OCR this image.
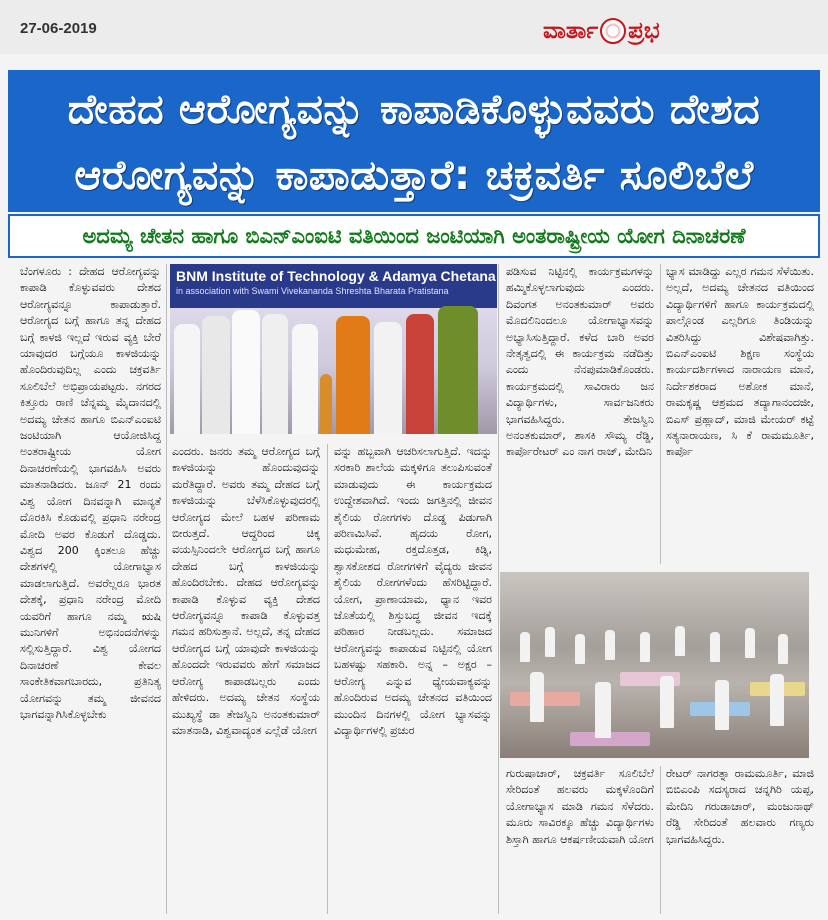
27-06-2019	ವಾರ್ತಾ ಪ್ರಭ
ದೇಹದ ಆರೋಗ್ಯವನ್ನು ಕಾಪಾಡಿಕೊಳ್ಳುವವರು ದೇಶದ
ಆರೋಗ್ಯವನ್ನು ಕಾಪಾಡುತ್ತಾರೆ: ಚಕ್ರವರ್ತಿ ಸೂಲಿಬೆಲೆ
ಅದಮ್ಯ ಚೇತನ ಹಾಗೂ ಬಿಎನ್‌ಎಂಐಟಿ ವತಿಯಿಂದ ಜಂಟಿಯಾಗಿ ಅಂತರಾಷ್ಟ್ರೀಯ ಯೋಗ ದಿನಾಚರಣೆ
ಬೆಂಗಳೂರು : ದೇಹದ ಆರೋಗ್ಯವನ್ನು ಕಾಪಾಡಿ ಕೊಳ್ಳುವವರು ದೇಶದ ಆರೋಗ್ಯವನ್ನೂ ಕಾಪಾಡುತ್ತಾರೆ. ಆರೋಗ್ಯದ ಬಗ್ಗೆ ಹಾಗೂ ತನ್ನ ದೇಹದ ಬಗ್ಗೆ ಕಾಳಜಿ ಇಲ್ಲದೆ ಇರುವ ವ್ಯಕ್ತಿ ಬೇರೆ ಯಾವುದರ ಬಗ್ಗೆಯೂ ಕಾಳಜಿಯನ್ನು ಹೊಂದಿರುವುದಿಲ್ಲ ಎಂದು ಚಕ್ರವರ್ತಿ ಸೂಲಿಬೆಲೆ ಅಭಿಪ್ರಾಯಪಟ್ಟರು. ನಗರದ ಕಿತ್ತೂರು ರಾಣಿ ಚೆನ್ನಮ್ಮ ಮೈದಾನದಲ್ಲಿ ಅದಮ್ಯ ಚೇತನ ಹಾಗೂ ಬಿಎನ್‌ಎಂಐಟಿ ಜಂಟಿಯಾಗಿ ಆಯೋಜಿಸಿದ್ದ ಅಂತರಾಷ್ಟ್ರೀಯ ಯೋಗ ದಿನಾಚರಣೆಯಲ್ಲಿ ಭಾಗವಹಿಸಿ ಅವರು ಮಾತನಾಡಿದರು. ಜೂನ್ 21 ರಂದು ವಿಶ್ವ ಯೋಗ ದಿನವನ್ನಾಗಿ ಮಾನ್ಯತೆ ದೊರಕಿಸಿ ಕೊಡುವಲ್ಲಿ ಪ್ರಧಾನಿ ನರೇಂದ್ರ ಮೋದಿ ಅವರ ಕೊಡುಗೆ ದೊಡ್ಡದು. ವಿಶ್ವದ 200 ಕ್ಕಿಂತಲೂ ಹೆಚ್ಚು ದೇಶಗಳಲ್ಲಿ ಯೋಗಾಭ್ಯಾಸ ಮಾಡಲಾಗುತ್ತಿದೆ. ಅವರೆಲ್ಲರೂ ಭಾರತ ದೇಶಕ್ಕೆ, ಪ್ರಧಾನಿ ನರೇಂದ್ರ ಮೋದಿ ಯವರಿಗೆ ಹಾಗೂ ನಮ್ಮ ಋಷಿ ಮುನಿಗಳಿಗೆ ಅಭಿನಂದನೆಗಳನ್ನು ಸಲ್ಲಿಸುತ್ತಿದ್ದಾರೆ. ವಿಶ್ವ ಯೋಗದ ದಿನಾಚರಣೆ ಕೇವಲ ಸಾಂಕೇತಿಕವಾಗಬಾರದು, ಪ್ರತಿನಿತ್ಯ ಯೋಗವನ್ನು ತಮ್ಮ ಜೀವನದ ಭಾಗವನ್ನಾಗಿಸಿಕೊಳ್ಳಬೇಕು
BNM Institute of Technology & Adamya Chetana
in association with Swami Vivekananda Shreshta Bharata Pratistana
ಎಂದರು. ಜನರು ತಮ್ಮ ಆರೋಗ್ಯದ ಬಗ್ಗೆ ಕಾಳಜಿಯನ್ನು ಹೊಂದುವುದನ್ನು ಮರೆತಿದ್ದಾರೆ. ಅವರು ತಮ್ಮ ದೇಹದ ಬಗ್ಗೆ ಕಾಳಜಿಯನ್ನು ಬೆಳೆಸಿಕೊಳ್ಳುವುದರಲ್ಲಿ ಆರೋಗ್ಯದ ಮೇಲೆ ಬಹಳ ಪರಿಣಾಮ ಬೀರುತ್ತದೆ. ಆದ್ದರಿಂದ ಚಿಕ್ಕ ವಯಸ್ಸಿನಿಂದಲೇ ಆರೋಗ್ಯದ ಬಗ್ಗೆ ಹಾಗೂ ದೇಹದ ಬಗ್ಗೆ ಕಾಳಜಿಯನ್ನು ಹೊಂದಿರಬೇಕು. ದೇಹದ ಆರೋಗ್ಯವನ್ನು ಕಾಪಾಡಿ ಕೊಳ್ಳುವ ವ್ಯಕ್ತಿ ದೇಶದ ಆರೋಗ್ಯವನ್ನೂ ಕಾಪಾಡಿ ಕೊಳ್ಳುವತ್ತ ಗಮನ ಹರಿಸುತ್ತಾನೆ. ಅಲ್ಲದೆ, ತನ್ನ ದೇಹದ ಆರೋಗ್ಯದ ಬಗ್ಗೆ ಯಾವುದೇ ಕಾಳಜಿಯನ್ನು ಹೊಂದದೇ ಇರುವವರು ಹೇಗೆ ಸಮಾಜದ ಆರೋಗ್ಯ ಕಾಪಾಡಬಲ್ಲರು ಎಂದು ಹೇಳಿದರು. ಅದಮ್ಯ ಚೇತನ ಸಂಸ್ಥೆಯ ಮುಖ್ಯಸ್ಥೆ ಡಾ ತೇಜಸ್ವಿನಿ ಅನಂತಕುಮಾರ್ ಮಾತನಾಡಿ, ವಿಶ್ವವಾದ್ಯಂತ ಎಲ್ಲೆಡೆ ಯೋಗ
ವನ್ನು ಹಬ್ಬವಾಗಿ ಆಚರಿಸಲಾಗುತ್ತಿದೆ. ಇದನ್ನು ಸರಕಾರಿ ಶಾಲೆಯ ಮಕ್ಕಳಿಗೂ ತಲುಪಿಸುವಂತೆ ಮಾಡುವುದು ಈ ಕಾರ್ಯಕ್ರಮದ ಉದ್ದೇಶವಾಗಿದೆ. ಇಂದು ಜಗತ್ತಿನಲ್ಲಿ ಜೀವನ ಶೈಲಿಯ ರೋಗಗಳು ದೊಡ್ಡ ಪಿಡುಗಾಗಿ ಪರಿಣಮಿಸಿವೆ. ಹೃದಯ ರೋಗ, ಮಧುಮೇಹ, ರಕ್ತದೊತ್ತಡ, ಕಿಡ್ನಿ, ಶ್ವಾಸಕೋಶದ ರೋಗಗಳಿಗೆ ವೈದ್ಯರು ಜೀವನ ಶೈಲಿಯ ರೋಗಗಳೆಂದು ಹೆಸರಿಟ್ಟಿದ್ದಾರೆ. ಯೋಗ, ಪ್ರಾಣಾಯಾಮ, ಧ್ಯಾನ ಇವರ ಜೊತೆಯಲ್ಲಿ ಶಿಸ್ತುಬದ್ಧ ಜೀವನ ಇದಕ್ಕೆ ಪರಿಹಾರ ನೀಡಬಲ್ಲದು. ಸಮಾಜದ ಆರೋಗ್ಯವನ್ನು ಕಾಪಾಡುವ ನಿಟ್ಟಿನಲ್ಲಿ ಯೋಗ ಬಹಳಷ್ಟು ಸಹಕಾರಿ. ಅನ್ನ – ಅಕ್ಷರ – ಆರೋಗ್ಯ ಎನ್ನುವ ಧ್ಯೇಯವಾಕ್ಯವನ್ನು ಹೊಂದಿರುವ ಅದಮ್ಯ ಚೇತನದ ವತಿಯಿಂದ ಮುಂದಿನ ದಿನಗಳಲ್ಲಿ ಯೋಗ ಭ್ಯಾಸವನ್ನು ವಿದ್ಯಾರ್ಥಿಗಳಲ್ಲಿ ಪ್ರಚುರ
ಪಡಿಸುವ ನಿಟ್ಟಿನಲ್ಲಿ ಕಾರ್ಯಕ್ರಮಗಳನ್ನು ಹಮ್ಮಿಕೊಳ್ಳಲಾಗುವುದು ಎಂದರು. ದಿವಂಗತ ಅನಂತಕುಮಾರ್ ಅವರು ಮೊದಲಿನಿಂದಲೂ ಯೋಗಾಭ್ಯಾಸವನ್ನು ಅಭ್ಯಾಸಿಸುತ್ತಿದ್ದಾರೆ. ಕಳೆದ ಬಾರಿ ಅವರ ನೇತೃತ್ವದಲ್ಲಿ ಈ ಕಾರ್ಯಕ್ರಮ ನಡೆದಿತ್ತು ಎಂದು ನೆನಪುಮಾಡಿಕೊಂಡರು. ಕಾರ್ಯಕ್ರಮದಲ್ಲಿ ಸಾವಿರಾರು ಜನ ವಿದ್ಯಾರ್ಥಿಗಳು, ಸಾರ್ವಜನಿಕರು ಭಾಗವಹಿಸಿದ್ದರು. ತೇಜಸ್ವಿನಿ ಅನಂತಕುಮಾರ್, ಶಾಸಕಿ ಸೌಮ್ಯ ರೆಡ್ಡಿ, ಕಾರ್ಪೊರೇಟರ್ ಎಂ ನಾಗ ರಾಜ್, ಮೇದಿನಿ
ಭ್ಯಾಸ ಮಾಡಿದ್ದು ಎಲ್ಲರ ಗಮನ ಸೆಳೆಯಿತು. ಅಲ್ಲದೆ, ಅದಮ್ಯ ಚೇತನದ ವತಿಯಿಂದ ವಿದ್ಯಾರ್ಥಿಗಳಿಗೆ ಹಾಗೂ ಕಾರ್ಯಕ್ರಮದಲ್ಲಿ ಪಾಲ್ಗೊಂಡ ಎಲ್ಲರಿಗೂ ತಿಂಡಿಯನ್ನು ವಿತರಿಸಿದ್ದು ವಿಶೇಷವಾಗಿತ್ತು. ಬಿಎನ್‌ಎಂಐಟಿ ಶಿಕ್ಷಣ ಸಂಸ್ಥೆಯ ಕಾರ್ಯದರ್ಶಿಗಳಾದ ನಾರಾಯಣ ಮಾನೆ, ನಿರ್ದೇಶಕರಾದ ಅಶೋಕ ಮಾನೆ, ರಾಮಕೃಷ್ಣ ಆಶ್ರಮದ ತದ್ಯಾಗಾನಂದಜೀ, ಬಿಎಸ್ ಪ್ರಹ್ಲಾದ್, ಮಾಜಿ ಮೇಯರ್ ಕಟ್ಟೆ ಸತ್ಯನಾರಾಯಣ, ಸಿ ಕೆ ರಾಮಮೂರ್ತಿ, ಕಾರ್ಪೊ
ಗುರುಷಾಚಾರ್, ಚಕ್ರವರ್ತಿ ಸೂಲಿಬೆಲೆ ಸೇರಿದಂತೆ ಹಲವರು ಮಕ್ಕಳೊಂದಿಗೆ ಯೋಗಾಭ್ಯಾಸ ಮಾಡಿ ಗಮನ ಸೆಳೆದರು. ಮೂರು ಸಾವಿರಕ್ಕೂ ಹೆಚ್ಚು ವಿದ್ಯಾರ್ಥಿಗಳು ಶಿಸ್ತಾಗಿ ಹಾಗೂ ಆಕರ್ಷಣೀಯವಾಗಿ ಯೋಗ
ರೇಟರ್ ನಾಗರತ್ನಾ ರಾಮಮೂರ್ತಿ, ಮಾಜಿ ಬಿಬಿಎಂಪಿ ಸದಸ್ಯರಾದ ಚನ್ನಗಿರಿ ಯಪ್ಪ, ಮೇದಿನಿ ಗರುಡಾಚಾರ್, ಮಂಜುನಾಥ್ ರೆಡ್ಡಿ ಸೇರಿದಂತೆ ಹಲವಾರು ಗಣ್ಯರು ಭಾಗವಹಿಸಿದ್ದರು.
